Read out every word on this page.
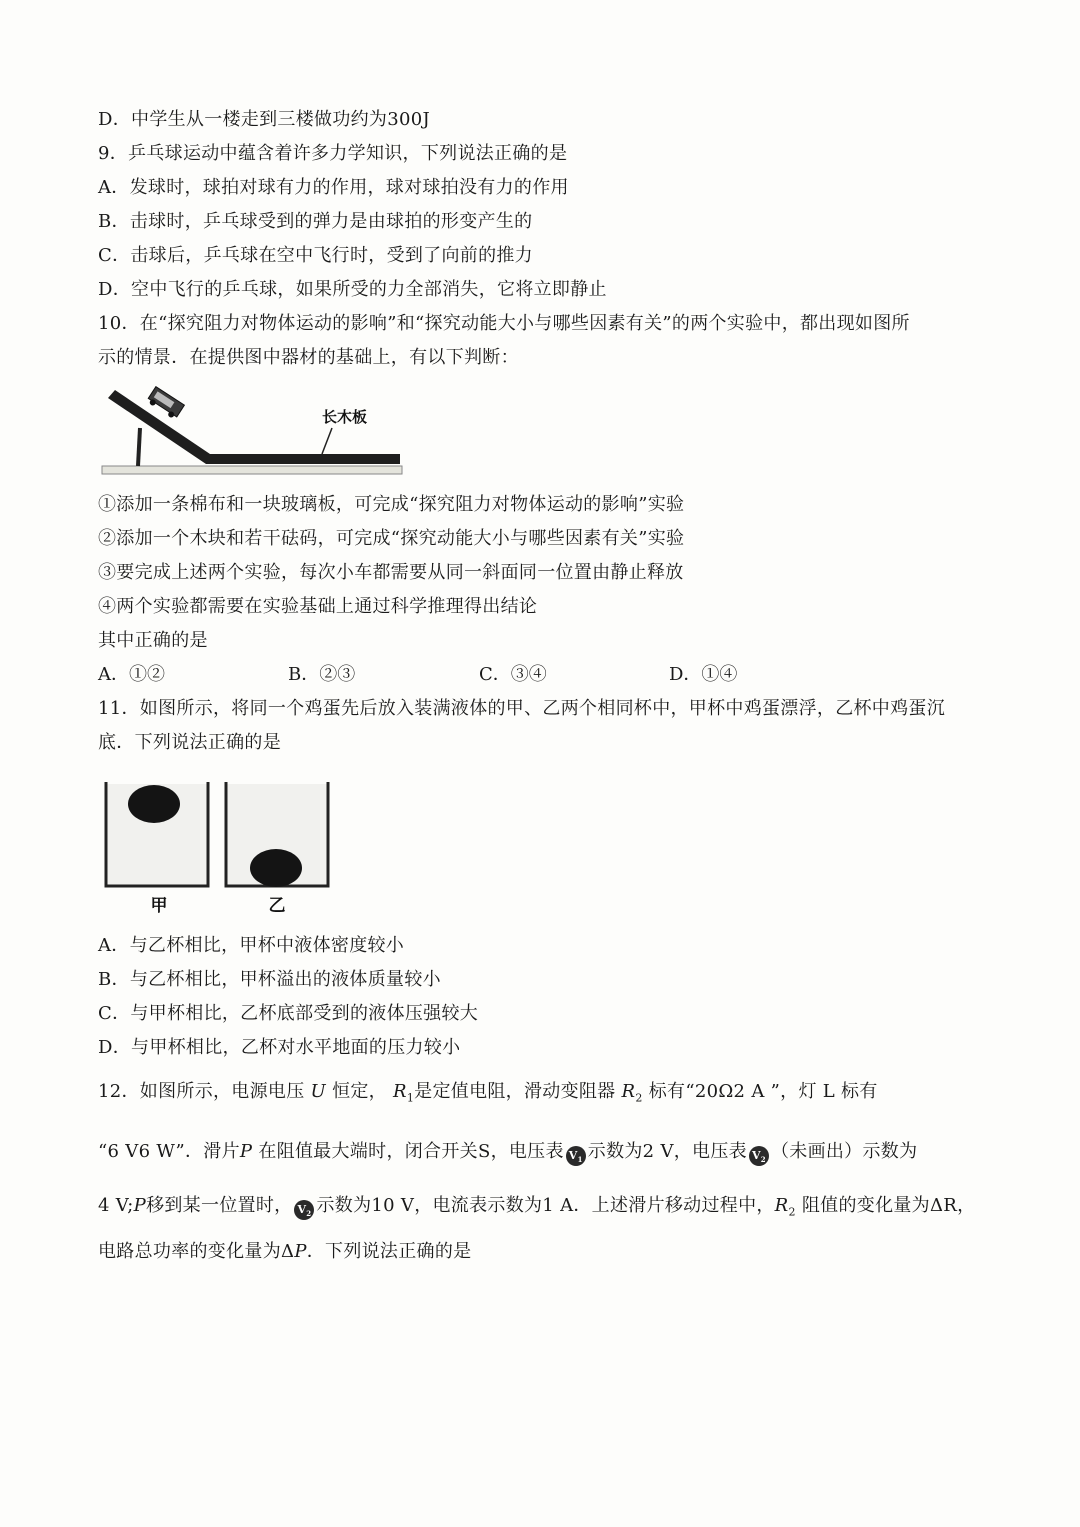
D．中学生从一楼走到三楼做功约为300J
9．乒乓球运动中蕴含着许多力学知识，下列说法正确的是
A．发球时，球拍对球有力的作用，球对球拍没有力的作用
B．击球时，乒乓球受到的弹力是由球拍的形变产生的
C．击球后，乒乓球在空中飞行时，受到了向前的推力
D．空中飞行的乒乓球，如果所受的力全部消失，它将立即静止
10．在“探究阻力对物体运动的影响”和“探究动能大小与哪些因素有关”的两个实验中，都出现如图所
示的情景．在提供图中器材的基础上，有以下判断：
长木板
①添加一条棉布和一块玻璃板，可完成“探究阻力对物体运动的影响”实验
②添加一个木块和若干砝码，可完成“探究动能大小与哪些因素有关”实验
③要完成上述两个实验，每次小车都需要从同一斜面同一位置由静止释放
④两个实验都需要在实验基础上通过科学推理得出结论
其中正确的是
A．①②	B．②③	C．③④	D．①④
11．如图所示，将同一个鸡蛋先后放入装满液体的甲、乙两个相同杯中，甲杯中鸡蛋漂浮，乙杯中鸡蛋沉
底．下列说法正确的是
甲	乙
A．与乙杯相比，甲杯中液体密度较小
B．与乙杯相比，甲杯溢出的液体质量较小
C．与甲杯相比，乙杯底部受到的液体压强较大
D．与甲杯相比，乙杯对水平地面的压力较小
12．如图所示，电源电压 U 恒定， $R_1$是定值电阻，滑动变阻器 $R_2$ 标有“20Ω2 A ”，灯 L 标有
“6 V6 W”．滑片P 在阻值最大端时，闭合开关S，电压表 $V_1$ 示数为2 V，电压表 $V_2$ （未画出）示数为
4 V;P移到某一位置时， $V_2$ 示数为10 V，电流表示数为1 A．上述滑片移动过程中，$R_2$ 阻值的变化量为ΔR，
电路总功率的变化量为ΔP．下列说法正确的是
